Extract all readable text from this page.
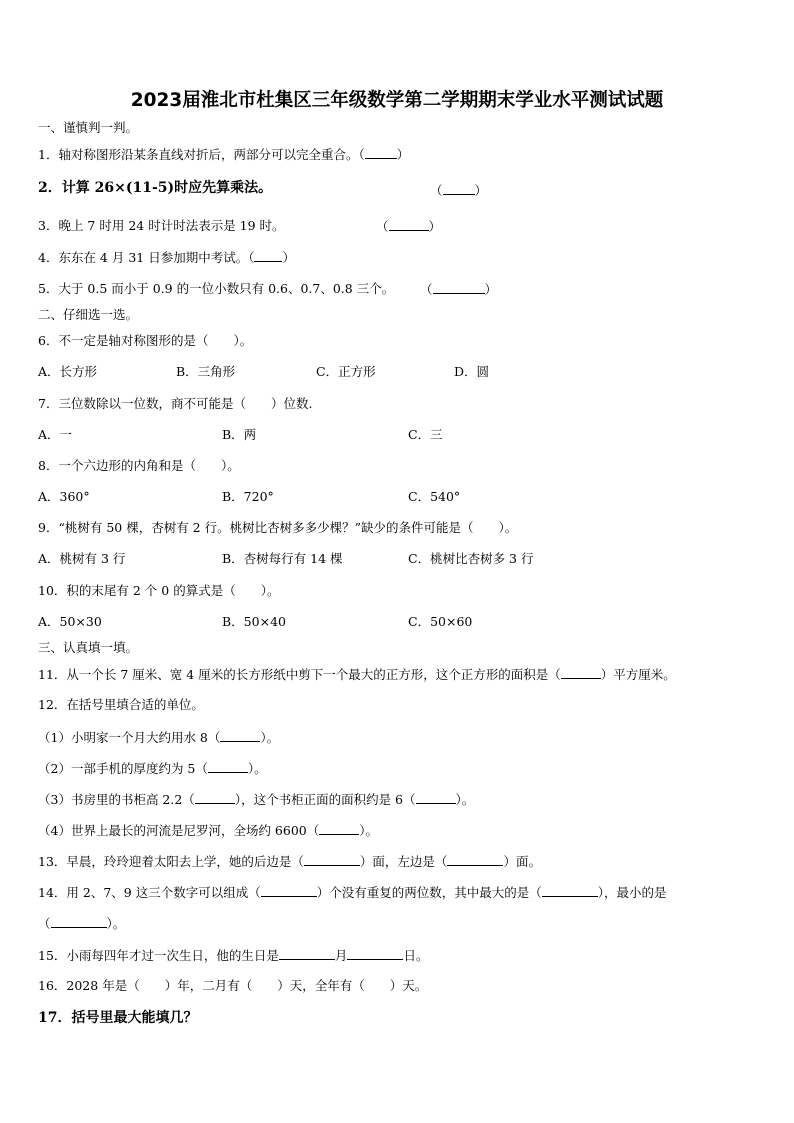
2023届淮北市杜集区三年级数学第二学期期末学业水平测试试题
一、谨慎判一判。
1．轴对称图形沿某条直线对折后，两部分可以完全重合。（	）
2．计算 26×(11-5)时应先算乘法。	（	）
3．晚上 7 时用 24 时计时法表示是 19 时。	（	）
4．东东在 4 月 31 日参加期中考试。（ ）
5．大于 0.5 而小于 0.9 的一位小数只有 0.6、0.7、0.8 三个。 （	）
二、仔细选一选。
6．不一定是轴对称图形的是（　　）。
A．长方形	B．三角形	C．正方形	D．圆
7．三位数除以一位数，商不可能是（　　）位数.
A．一	B．两	C．三
8．一个六边形的内角和是（　　）。
A．360°	B．720°	C．540°
9．“桃树有 50 棵，杏树有 2 行。桃树比杏树多多少棵？”缺少的条件可能是（　　）。
A．桃树有 3 行	B．杏树每行有 14 棵	C．桃树比杏树多 3 行
10．积的末尾有 2 个 0 的算式是（　　）。
A．50×30	B．50×40	C．50×60
三、认真填一填。
11．从一个长 7 厘米、宽 4 厘米的长方形纸中剪下一个最大的正方形，这个正方形的面积是（	）平方厘米。
12．在括号里填合适的单位。
（1）小明家一个月大约用水 8（	）。
（2）一部手机的厚度约为 5（	）。
（3）书房里的书柜高 2.2（	），这个书柜正面的面积约是 6（	）。
（4）世界上最长的河流是尼罗河，全场约 6600（	）。
13．早晨，玲玲迎着太阳去上学，她的后边是（	）面，左边是（	）面。
14．用 2、7、9 这三个数字可以组成（	）个没有重复的两位数，其中最大的是（	），最小的是
（	）。
15．小雨每四年才过一次生日，他的生日是	月	日。
16．2028 年是（　　）年，二月有（　　）天，全年有（　　）天。
17．括号里最大能填几？
